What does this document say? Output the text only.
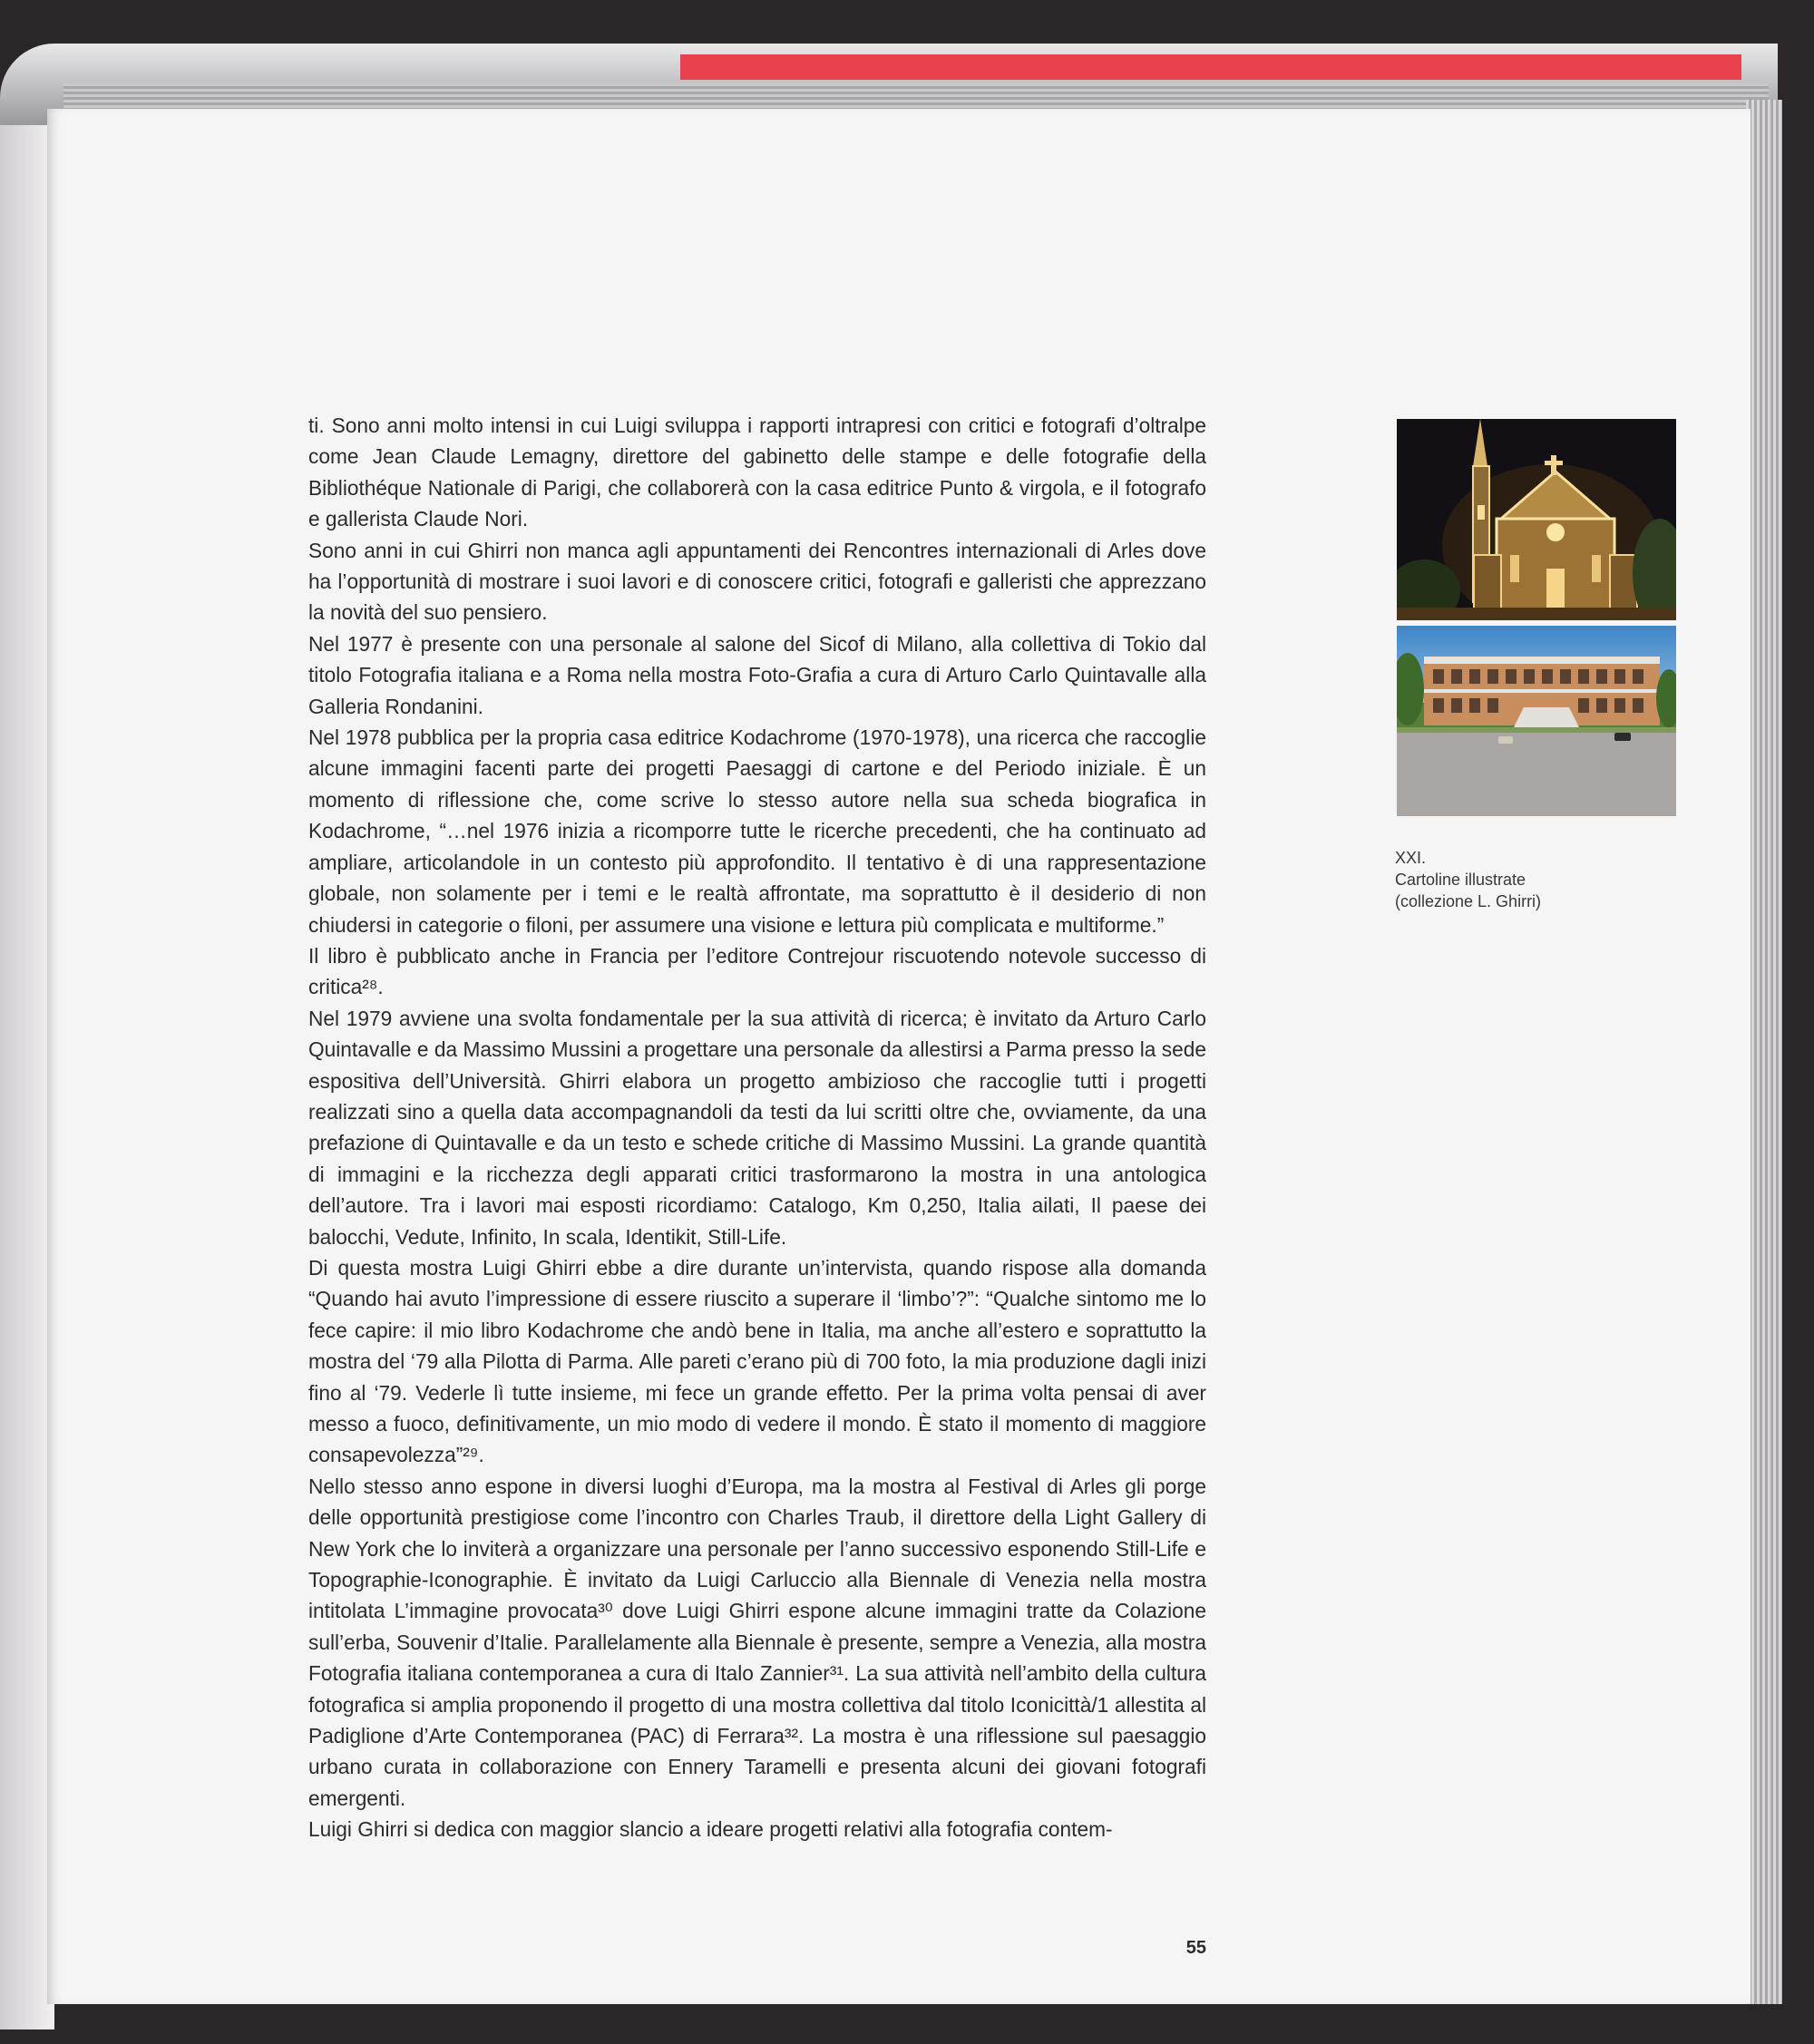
ti. Sono anni molto intensi in cui Luigi sviluppa i rapporti intrapresi con critici e fotografi d’oltralpe come Jean Claude Lemagny, direttore del gabinetto delle stampe e delle fotografie della Bibliothéque Nationale di Parigi, che collaborerà con la casa editrice Punto & virgola, e il fotografo e gallerista Claude Nori.

Sono anni in cui Ghirri non manca agli appuntamenti dei Rencontres internazionali di Arles dove ha l’opportunità di mostrare i suoi lavori e di conoscere critici, fotografi e galleristi che apprezzano la novità del suo pensiero.

Nel 1977 è presente con una personale al salone del Sicof di Milano, alla collettiva di Tokio dal titolo Fotografia italiana e a Roma nella mostra Foto-Grafia a cura di Arturo Carlo Quintavalle alla Galleria Rondanini.

Nel 1978 pubblica per la propria casa editrice Kodachrome (1970-1978), una ricerca che raccoglie alcune immagini facenti parte dei progetti Paesaggi di cartone e del Periodo iniziale. È un momento di riflessione che, come scrive lo stesso autore nella sua scheda biografica in Kodachrome, “…nel 1976 inizia a ricomporre tutte le ricerche precedenti, che ha continuato ad ampliare, articolandole in un contesto più approfondito. Il tentativo è di una rappresentazione globale, non solamente per i temi e le realtà affrontate, ma soprattutto è il desiderio di non chiudersi in categorie o filoni, per assumere una visione e lettura più complicata e multiforme.”

Il libro è pubblicato anche in Francia per l’editore Contrejour riscuotendo notevole successo di critica²⁸.

Nel 1979 avviene una svolta fondamentale per la sua attività di ricerca; è invitato da Arturo Carlo Quintavalle e da Massimo Mussini a progettare una personale da allestirsi a Parma presso la sede espositiva dell’Università. Ghirri elabora un progetto ambizioso che raccoglie tutti i progetti realizzati sino a quella data accompagnandoli da testi da lui scritti oltre che, ovviamente, da una prefazione di Quintavalle e da un testo e schede critiche di Massimo Mussini. La grande quantità di immagini e la ricchezza degli apparati critici trasformarono la mostra in una antologica dell’autore. Tra i lavori mai esposti ricordiamo: Catalogo, Km 0,250, Italia ailati, Il paese dei balocchi, Vedute, Infinito, In scala, Identikit, Still-Life.

Di questa mostra Luigi Ghirri ebbe a dire durante un’intervista, quando rispose alla domanda “Quando hai avuto l’impressione di essere riuscito a superare il ‘limbo’?”: “Qualche sintomo me lo fece capire: il mio libro Kodachrome che andò bene in Italia, ma anche all’estero e soprattutto la mostra del ‘79 alla Pilotta di Parma. Alle pareti c’erano più di 700 foto, la mia produzione dagli inizi fino al ‘79. Vederle lì tutte insieme, mi fece un grande effetto. Per la prima volta pensai di aver messo a fuoco, definitivamente, un mio modo di vedere il mondo. È stato il momento di maggiore consapevolezza”²⁹.

Nello stesso anno espone in diversi luoghi d’Europa, ma la mostra al Festival di Arles gli porge delle opportunità prestigiose come l’incontro con Charles Traub, il direttore della Light Gallery di New York che lo inviterà a organizzare una personale per l’anno successivo esponendo Still-Life e Topographie-Iconographie. È invitato da Luigi Carluccio alla Biennale di Venezia nella mostra intitolata L’immagine provocata³⁰ dove Luigi Ghirri espone alcune immagini tratte da Colazione sull’erba, Souvenir d’Italie. Parallelamente alla Biennale è presente, sempre a Venezia, alla mostra Fotografia italiana contemporanea a cura di Italo Zannier³¹. La sua attività nell’ambito della cultura fotografica si amplia proponendo il progetto di una mostra collettiva dal titolo Iconicittà/1 allestita al Padiglione d’Arte Contemporanea (PAC) di Ferrara³². La mostra è una riflessione sul paesaggio urbano curata in collaborazione con Ennery Taramelli e presenta alcuni dei giovani fotografi emergenti.

Luigi Ghirri si dedica con maggior slancio a ideare progetti relativi alla fotografia contem-

XXI.
Cartoline illustrate
(collezione L. Ghirri)
55
